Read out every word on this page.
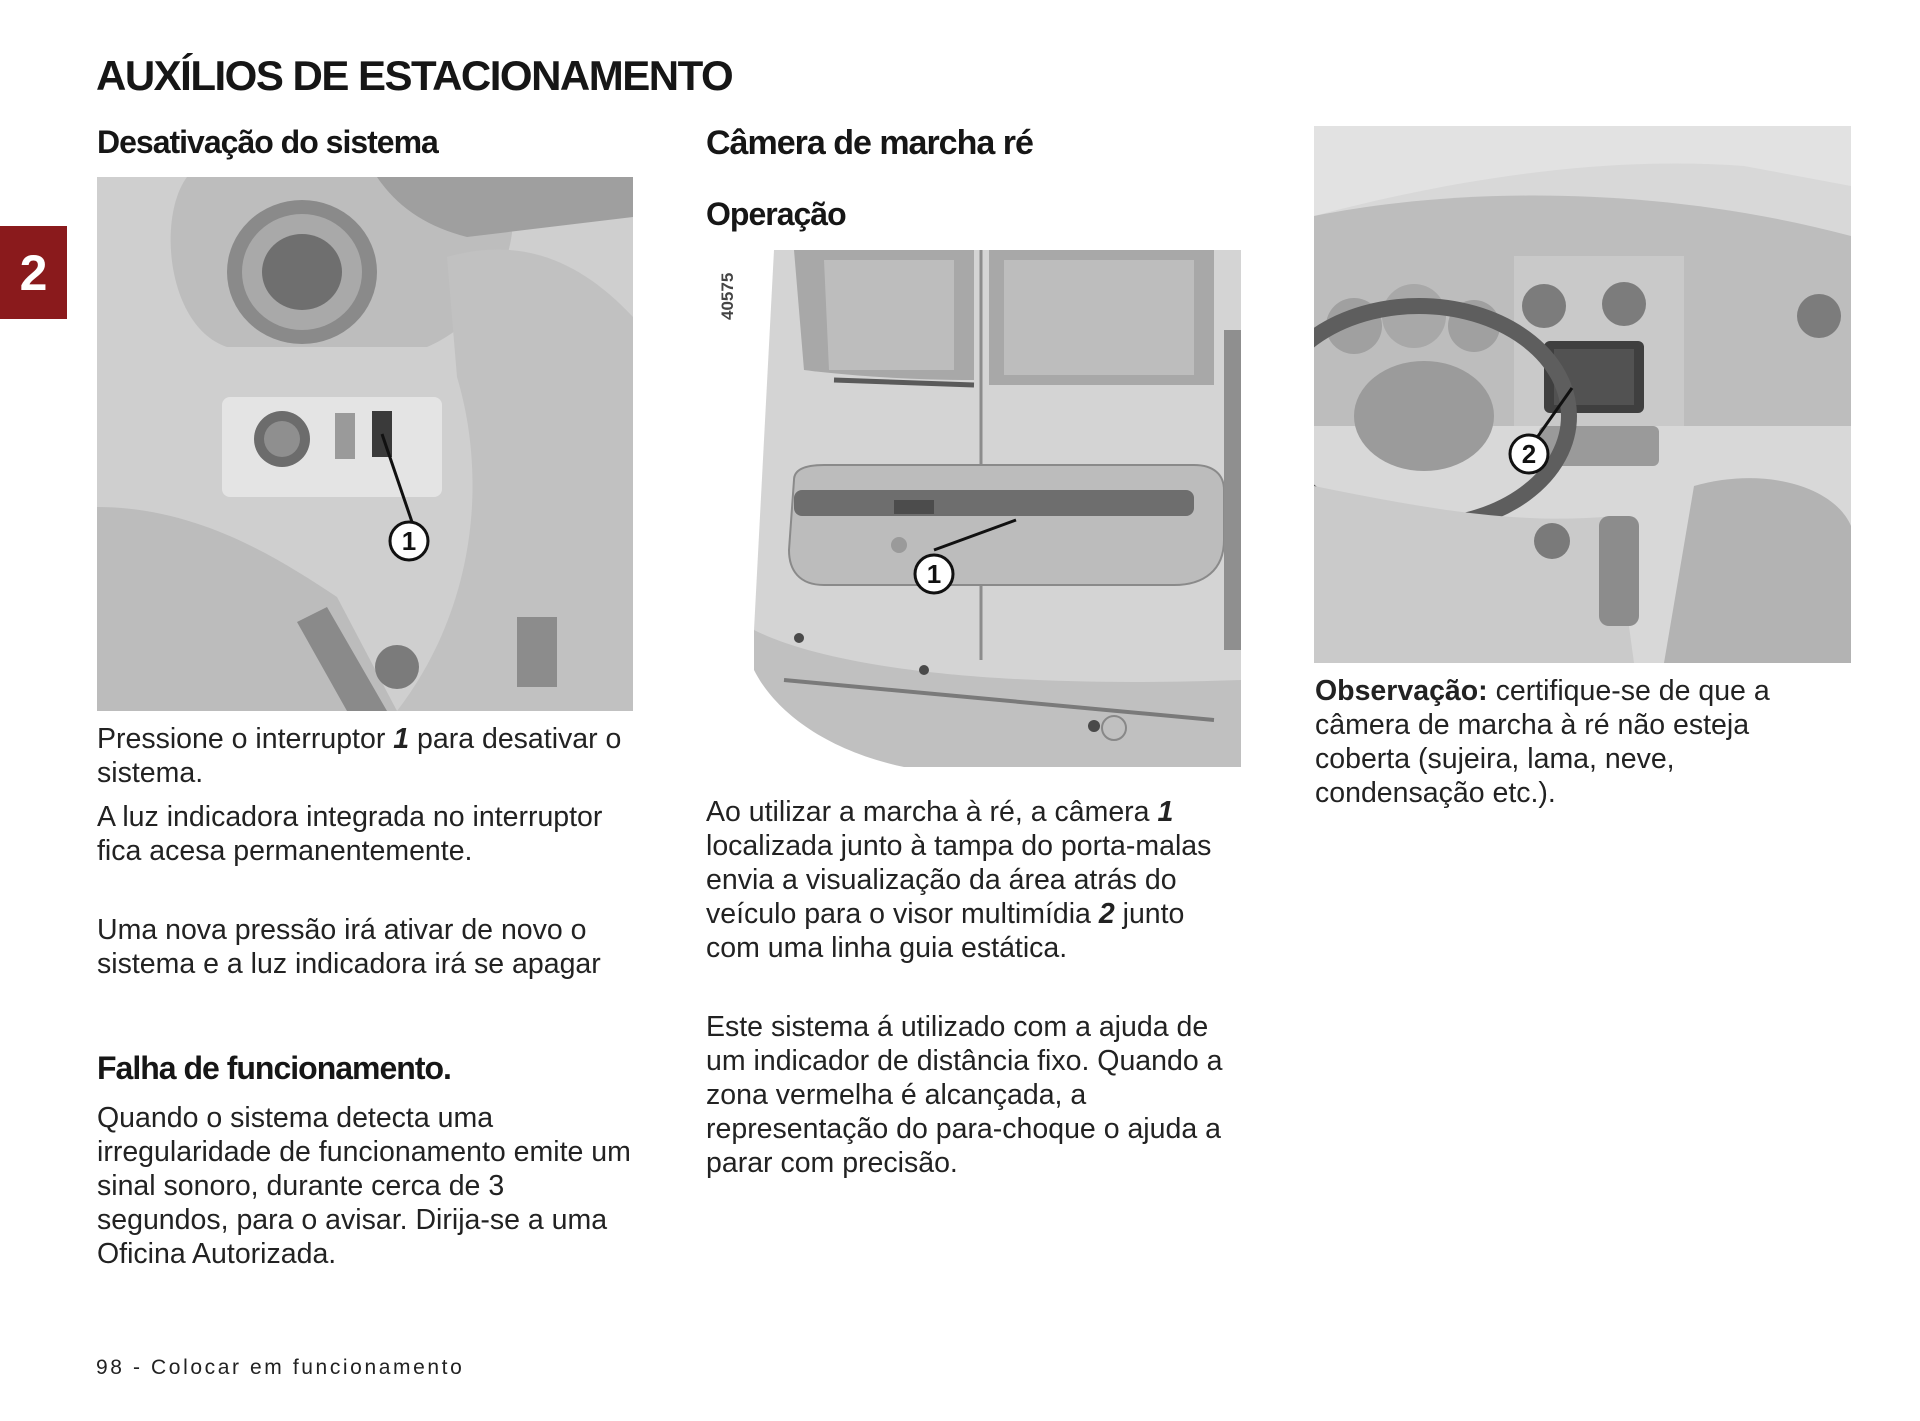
AUXÍLIOS DE ESTACIONAMENTO
2
Desativação do sistema
1

Pressione o interruptor 1 para desativar o sistema.

A luz indicadora integrada no interruptor fica acesa permanentemente.

Uma nova pressão irá ativar de novo o sistema e a luz indicadora irá se apagar

Falha de funcionamento.

Quando o sistema detecta uma irregularidade de funcionamento emite um sinal sonoro, durante cerca de 3 segundos, para o avisar. Dirija-se a uma Oficina Autorizada.

Câmera de marcha ré
Operação
40575
1

Ao utilizar a marcha à ré, a câmera 1 localizada junto à tampa do porta-malas envia a visualização da área atrás do veículo para o visor multimídia 2 junto com uma linha guia estática.

Este sistema á utilizado com a ajuda de um indicador de distância fixo. Quando a zona vermelha é alcançada, a representação do para-choque o ajuda a parar com precisão.

2

Observação: certifique-se de que a câmera de marcha à ré não esteja coberta (sujeira, lama, neve, condensação etc.).

98 - Colocar em funcionamento
